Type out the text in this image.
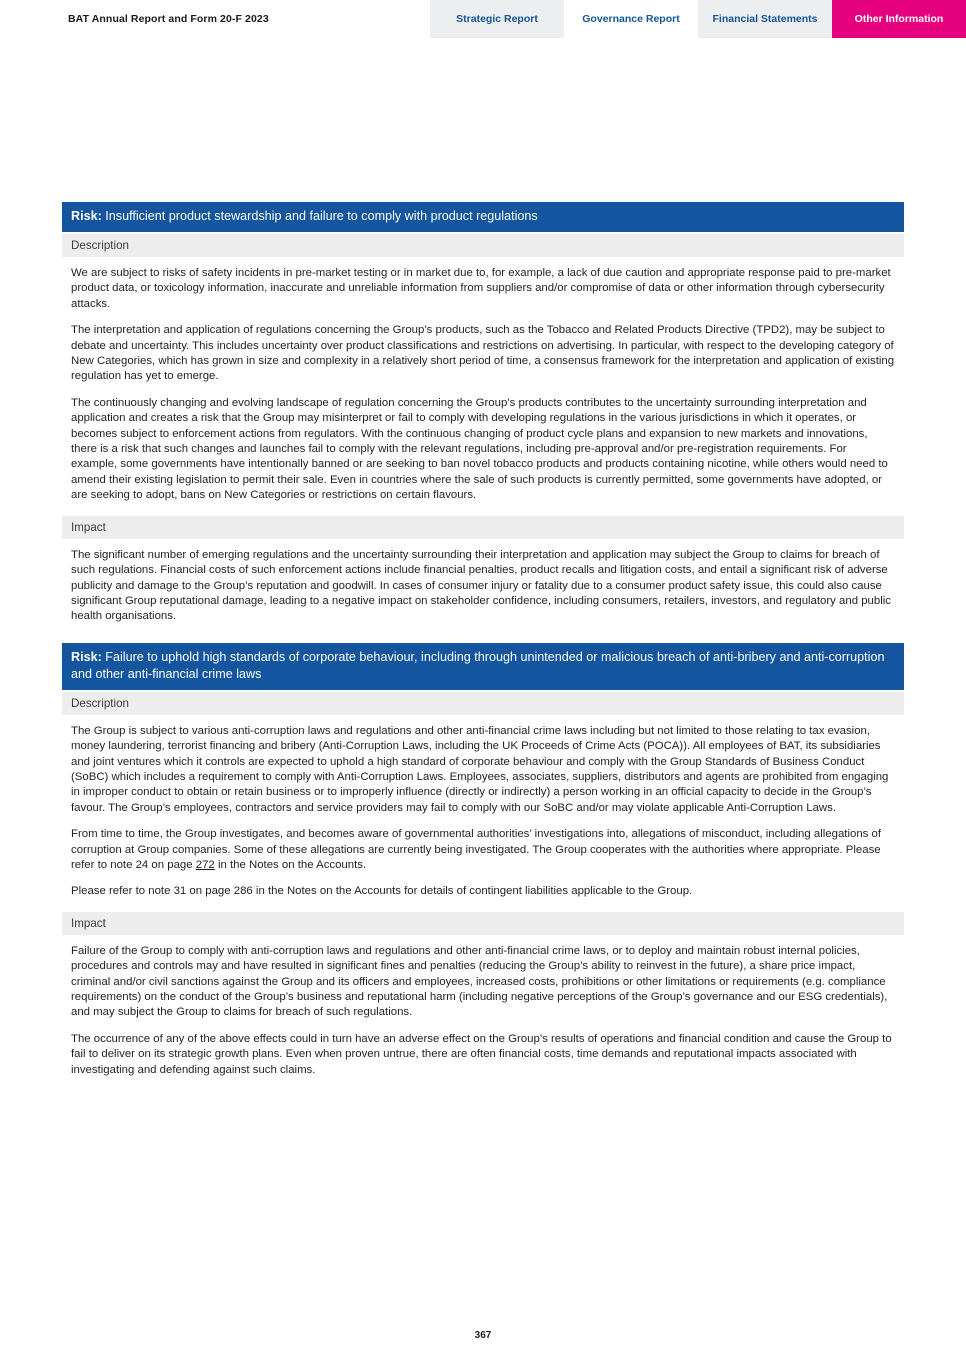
BAT Annual Report and Form 20-F 2023	Strategic Report	Governance Report	Financial Statements	Other Information
Risk: Insufficient product stewardship and failure to comply with product regulations
Description

We are subject to risks of safety incidents in pre-market testing or in market due to, for example, a lack of due caution and appropriate response paid to pre-market product data, or toxicology information, inaccurate and unreliable information from suppliers and/or compromise of data or other information through cybersecurity attacks.

The interpretation and application of regulations concerning the Group’s products, such as the Tobacco and Related Products Directive (TPD2), may be subject to debate and uncertainty. This includes uncertainty over product classifications and restrictions on advertising. In particular, with respect to the developing category of New Categories, which has grown in size and complexity in a relatively short period of time, a consensus framework for the interpretation and application of existing regulation has yet to emerge.

The continuously changing and evolving landscape of regulation concerning the Group’s products contributes to the uncertainty surrounding interpretation and application and creates a risk that the Group may misinterpret or fail to comply with developing regulations in the various jurisdictions in which it operates, or becomes subject to enforcement actions from regulators. With the continuous changing of product cycle plans and expansion to new markets and innovations, there is a risk that such changes and launches fail to comply with the relevant regulations, including pre-approval and/or pre-registration requirements. For example, some governments have intentionally banned or are seeking to ban novel tobacco products and products containing nicotine, while others would need to amend their existing legislation to permit their sale. Even in countries where the sale of such products is currently permitted, some governments have adopted, or are seeking to adopt, bans on New Categories or restrictions on certain flavours.

Impact

The significant number of emerging regulations and the uncertainty surrounding their interpretation and application may subject the Group to claims for breach of such regulations. Financial costs of such enforcement actions include financial penalties, product recalls and litigation costs, and entail a significant risk of adverse publicity and damage to the Group’s reputation and goodwill. In cases of consumer injury or fatality due to a consumer product safety issue, this could also cause significant Group reputational damage, leading to a negative impact on stakeholder confidence, including consumers, retailers, investors, and regulatory and public health organisations.

Risk: Failure to uphold high standards of corporate behaviour, including through unintended or malicious breach of anti-bribery and anti-corruption and other anti-financial crime laws
Description

The Group is subject to various anti-corruption laws and regulations and other anti-financial crime laws including but not limited to those relating to tax evasion, money laundering, terrorist financing and bribery (Anti-Corruption Laws, including the UK Proceeds of Crime Acts (POCA)). All employees of BAT, its subsidiaries and joint ventures which it controls are expected to uphold a high standard of corporate behaviour and comply with the Group Standards of Business Conduct (SoBC) which includes a requirement to comply with Anti-Corruption Laws. Employees, associates, suppliers, distributors and agents are prohibited from engaging in improper conduct to obtain or retain business or to improperly influence (directly or indirectly) a person working in an official capacity to decide in the Group’s favour. The Group’s employees, contractors and service providers may fail to comply with our SoBC and/or may violate applicable Anti-Corruption Laws.

From time to time, the Group investigates, and becomes aware of governmental authorities’ investigations into, allegations of misconduct, including allegations of corruption at Group companies. Some of these allegations are currently being investigated. The Group cooperates with the authorities where appropriate. Please refer to note 24 on page 272 in the Notes on the Accounts.

Please refer to note 31 on page 286 in the Notes on the Accounts for details of contingent liabilities applicable to the Group.

Impact

Failure of the Group to comply with anti-corruption laws and regulations and other anti-financial crime laws, or to deploy and maintain robust internal policies, procedures and controls may and have resulted in significant fines and penalties (reducing the Group’s ability to reinvest in the future), a share price impact, criminal and/or civil sanctions against the Group and its officers and employees, increased costs, prohibitions or other limitations or requirements (e.g. compliance requirements) on the conduct of the Group’s business and reputational harm (including negative perceptions of the Group’s governance and our ESG credentials), and may subject the Group to claims for breach of such regulations.

The occurrence of any of the above effects could in turn have an adverse effect on the Group’s results of operations and financial condition and cause the Group to fail to deliver on its strategic growth plans. Even when proven untrue, there are often financial costs, time demands and reputational impacts associated with investigating and defending against such claims.

367
